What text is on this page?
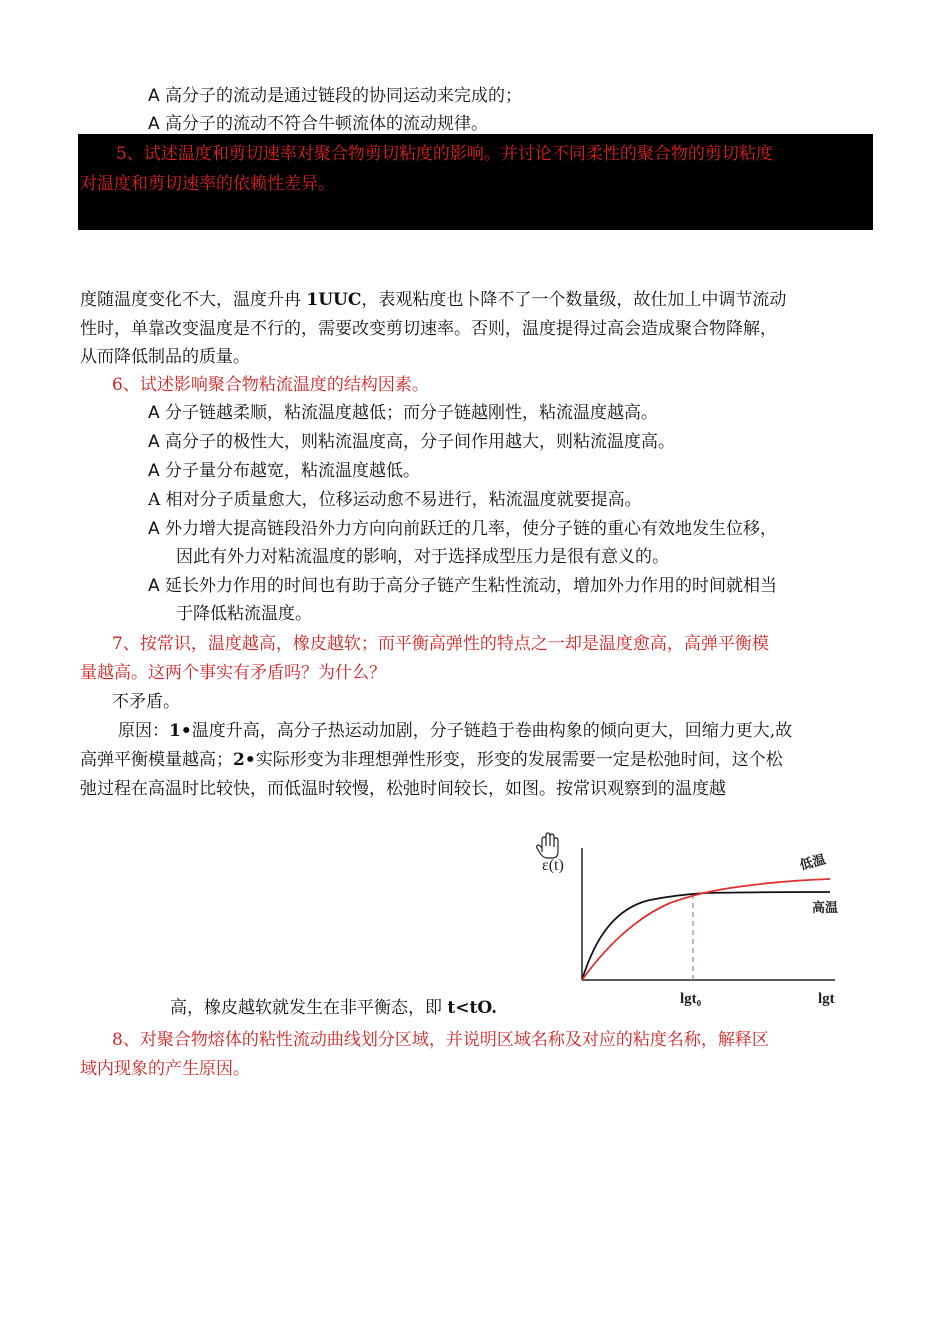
A 高分子的流动是通过链段的协同运动来完成的；
A 高分子的流动不符合牛顿流体的流动规律。
5、试述温度和剪切速率对聚合物剪切粘度的影响。并讨论不同柔性的聚合物的剪切粘度
对温度和剪切速率的依赖性差异。
度随温度变化不大，温度升冉 1UUC，表观粘度也卜降不了一个数量级，故仕加丄中调节流动
性时，单靠改变温度是不行的，需要改变剪切速率。否则，温度提得过高会造成聚合物降解，
从而降低制品的质量。
6、试述影响聚合物粘流温度的结构因素。
A 分子链越柔顺，粘流温度越低；而分子链越刚性，粘流温度越高。
A 高分子的极性大，则粘流温度高，分子间作用越大，则粘流温度高。
A 分子量分布越宽，粘流温度越低。
A 相对分子质量愈大，位移运动愈不易进行，粘流温度就要提高。
A 外力增大提高链段沿外力方向向前跃迁的几率，使分子链的重心有效地发生位移，
因此有外力对粘流温度的影响，对于选择成型压力是很有意义的。
A 延长外力作用的时间也有助于高分子链产生粘性流动，增加外力作用的时间就相当
于降低粘流温度。
7、按常识，温度越高，橡皮越软；而平衡高弹性的特点之一却是温度愈高，高弹平衡模
量越高。这两个事实有矛盾吗？为什么？
不矛盾。
原因：1•温度升高，高分子热运动加剧，分子链趋于卷曲构象的倾向更大，回缩力更大,故
高弹平衡模量越高；2•实际形变为非理想弹性形变，形变的发展需要一定是松弛时间，这个松
弛过程在高温时比较快，而低温时较慢，松弛时间较长，如图。按常识观察到的温度越
高，橡皮越软就发生在非平衡态，即 t<tO.
ε(t)	低温
高温
lgt₀	lgt
8、对聚合物熔体的粘性流动曲线划分区域，并说明区域名称及对应的粘度名称，解释区
域内现象的产生原因。
